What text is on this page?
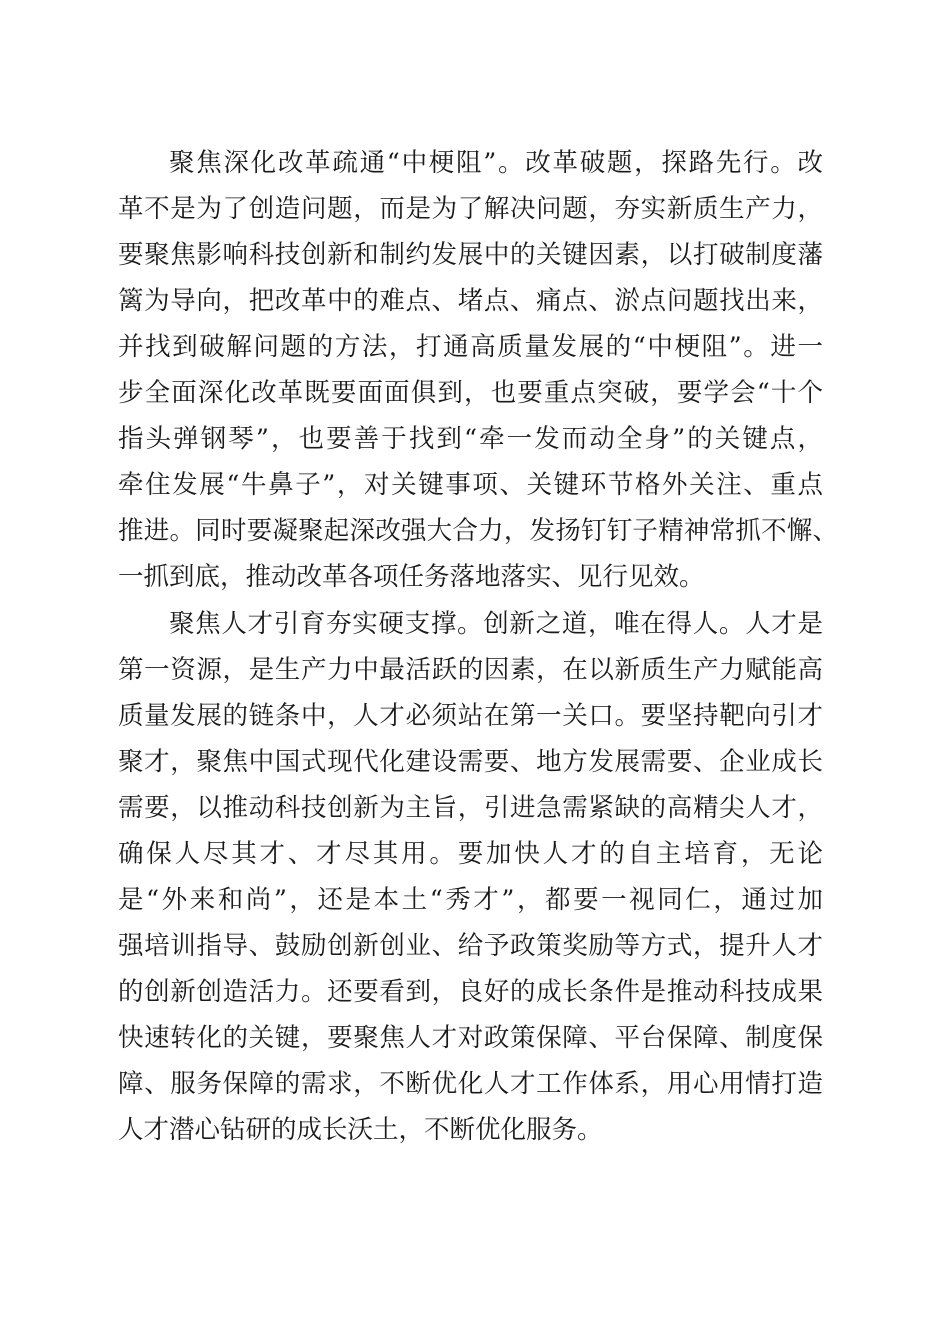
聚焦深化改革疏通“中梗阻”。改革破题，探路先行。改
革不是为了创造问题，而是为了解决问题，夯实新质生产力，
要聚焦影响科技创新和制约发展中的关键因素，以打破制度藩
篱为导向，把改革中的难点、堵点、痛点、淤点问题找出来，
并找到破解问题的方法，打通高质量发展的“中梗阻”。进一
步全面深化改革既要面面俱到，也要重点突破，要学会“十个
指头弹钢琴”，也要善于找到“牵一发而动全身”的关键点，
牵住发展“牛鼻子”，对关键事项、关键环节格外关注、重点
推进。同时要凝聚起深改强大合力，发扬钉钉子精神常抓不懈、
一抓到底，推动改革各项任务落地落实、见行见效。
聚焦人才引育夯实硬支撑。创新之道，唯在得人。人才是
第一资源，是生产力中最活跃的因素，在以新质生产力赋能高
质量发展的链条中，人才必须站在第一关口。要坚持靶向引才
聚才，聚焦中国式现代化建设需要、地方发展需要、企业成长
需要，以推动科技创新为主旨，引进急需紧缺的高精尖人才，
确保人尽其才、才尽其用。要加快人才的自主培育，无论
是“外来和尚”，还是本土“秀才”，都要一视同仁，通过加
强培训指导、鼓励创新创业、给予政策奖励等方式，提升人才
的创新创造活力。还要看到，良好的成长条件是推动科技成果
快速转化的关键，要聚焦人才对政策保障、平台保障、制度保
障、服务保障的需求，不断优化人才工作体系，用心用情打造
人才潜心钻研的成长沃土，不断优化服务。
